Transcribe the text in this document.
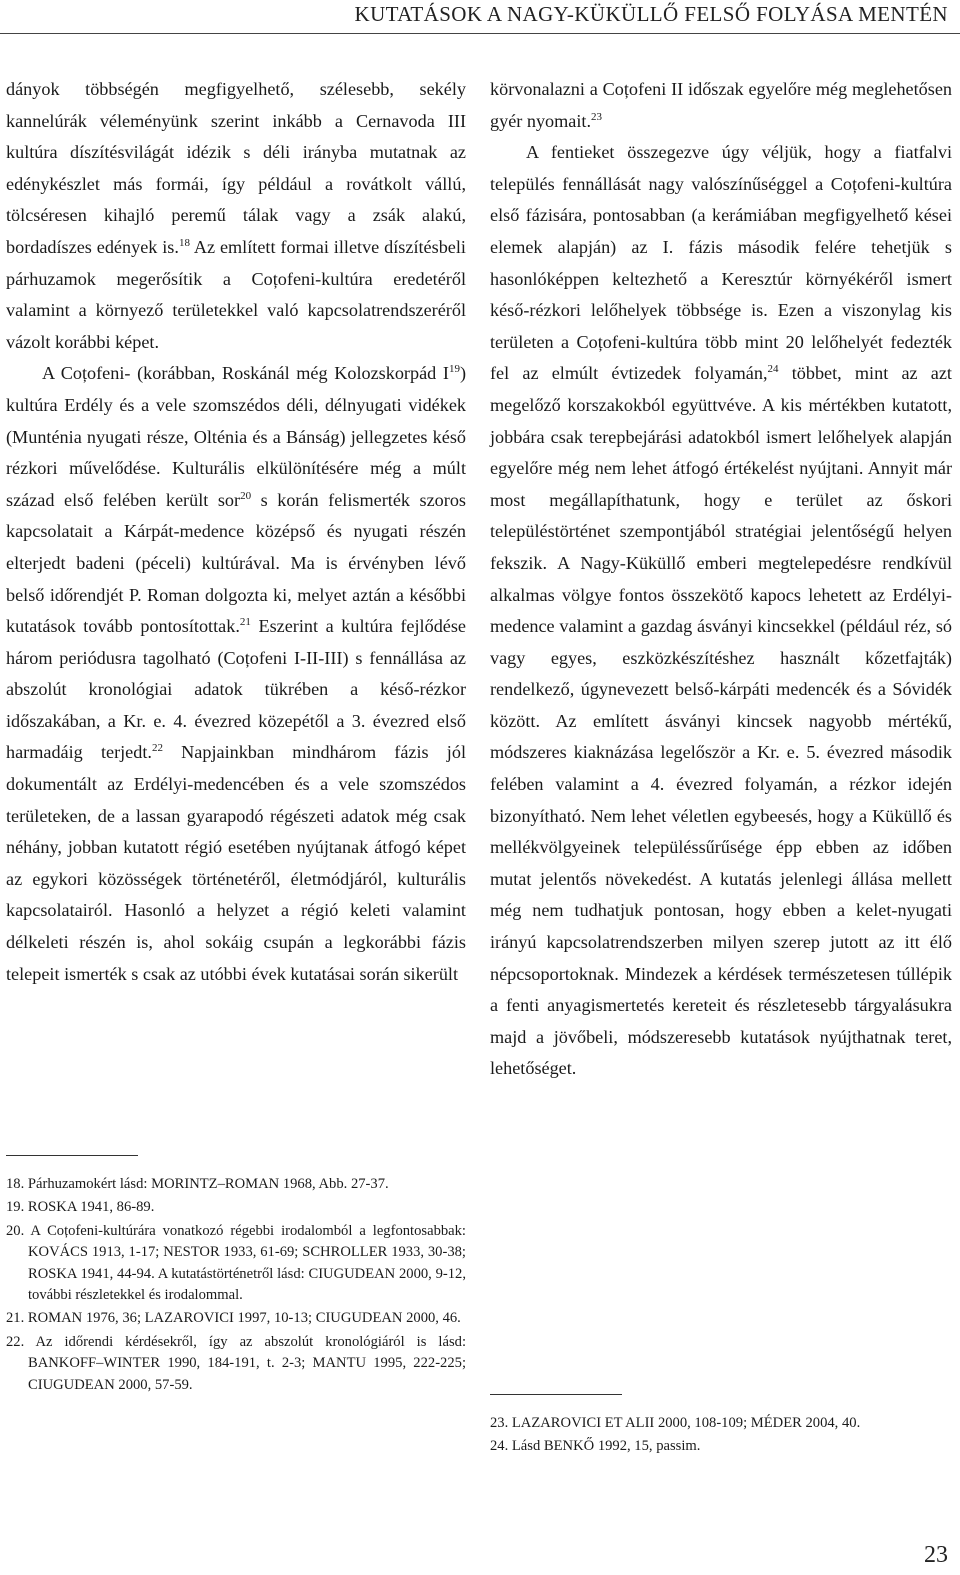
KUTATÁSOK A NAGY-KÜKÜLLŐ FELSŐ FOLYÁSA MENTÉN

dányok többségén megfigyelhető, szélesebb, sekély kannelúrák véleményünk szerint inkább a Cernavoda III kultúra díszítésvilágát idézik s déli irányba mutatnak az edénykészlet más formái, így például a rovátkolt vállú, tölcséresen kihajló peremű tálak vagy a zsák alakú, bordadíszes edények is.$^{18}$ Az említett formai illetve díszítésbeli párhuzamok megerősítik a Coțofeni-kultúra eredetéről valamint a környező területekkel való kapcsolatrendszeréről vázolt korábbi képet.

A Coțofeni- (korábban, Roskánál még Kolozskorpád $I^{19}$) kultúra Erdély és a vele szomszédos déli, délnyugati vidékek (Munténia nyugati része, Olténia és a Bánság) jellegzetes késő rézkori művelődése. Kulturális elkülönítésére még a múlt század első felében került sor$^{20}$ s korán felismerték szoros kapcsolatait a Kárpát-medence középső és nyugati részén elterjedt badeni (péceli) kultúrával. Ma is érvényben lévő belső időrendjét P. Roman dolgozta ki, melyet aztán a későbbi kutatások tovább pontosítottak.$^{21}$ Eszerint a kultúra fejlődése három periódusra tagolható (Coțofeni I-II-III) s fennállása az abszolút kronológiai adatok tükrében a késő-rézkor időszakában, a Kr. e. 4. évezred közepétől a 3. évezred első harmadáig terjedt.$^{22}$ Napjainkban mindhárom fázis jól dokumentált az Erdélyi-medencében és a vele szomszédos területeken, de a lassan gyarapodó régészeti adatok még csak néhány, jobban kutatott régió esetében nyújtanak átfogó képet az egykori közösségek történetéről, életmódjáról, kulturális kapcsolatairól. Hasonló a helyzet a régió keleti valamint délkeleti részén is, ahol sokáig csupán a legkorábbi fázis telepeit ismerték s csak az utóbbi évek kutatásai során sikerült

körvonalazni a Coțofeni II időszak egyelőre még meglehetősen gyér nyomait.$^{23}$

A fentieket összegezve úgy véljük, hogy a fiatfalvi település fennállását nagy valószínűséggel a Coțofeni-kultúra első fázisára, pontosabban (a kerámiában megfigyelhető kései elemek alapján) az I. fázis második felére tehetjük s hasonlóképpen keltezhető a Keresztúr környékéről ismert késő-rézkori lelőhelyek többsége is. Ezen a viszonylag kis területen a Coțofeni-kultúra több mint 20 lelőhelyét fedezték fel az elmúlt évtizedek folyamán,$^{24}$ többet, mint az azt megelőző korszakokból együttvéve. A kis mértékben kutatott, jobbára csak terepbejárási adatokból ismert lelőhelyek alapján egyelőre még nem lehet átfogó értékelést nyújtani. Annyit már most megállapíthatunk, hogy e terület az őskori településtörténet szempontjából stratégiai jelentőségű helyen fekszik. A Nagy-Küküllő emberi megtelepedésre rendkívül alkalmas völgye fontos összekötő kapocs lehetett az Erdélyi-medence valamint a gazdag ásványi kincsekkel (például réz, só vagy egyes, eszközkészítéshez használt kőzetfajták) rendelkező, úgynevezett belső-kárpáti medencék és a Sóvidék között. Az említett ásványi kincsek nagyobb mértékű, módszeres kiaknázása legelőször a Kr. e. 5. évezred második felében valamint a 4. évezred folyamán, a rézkor idején bizonyítható. Nem lehet véletlen egybeesés, hogy a Küküllő és mellékvölgyeinek településsűrűsége épp ebben az időben mutat jelentős növekedést. A kutatás jelenlegi állása mellett még nem tudhatjuk pontosan, hogy ebben a kelet-nyugati irányú kapcsolatrendszerben milyen szerep jutott az itt élő népcsoportoknak. Mindezek a kérdések természetesen túllépik a fenti anyagismertetés kereteit és részletesebb tárgyalásukra majd a jövőbeli, módszeresebb kutatások nyújthatnak teret, lehetőséget.

18. Párhuzamokért lásd: MORINTZ–ROMAN 1968, Abb. 27-37.

19. ROSKA 1941, 86-89.

20. A Coțofeni-kultúrára vonatkozó régebbi irodalomból a legfontosabbak: KOVÁCS 1913, 1-17; NESTOR 1933, 61-69; SCHROLLER 1933, 30-38; ROSKA 1941, 44-94. A kutatástörténetről lásd: CIUGUDEAN 2000, 9-12, további részletekkel és irodalommal.

21. ROMAN 1976, 36; LAZAROVICI 1997, 10-13; CIUGUDEAN 2000, 46.

22. Az időrendi kérdésekről, így az abszolút kronológiáról is lásd: BANKOFF–WINTER 1990, 184-191, t. 2-3; MANTU 1995, 222-225; CIUGUDEAN 2000, 57-59.

23. LAZAROVICI ET ALII 2000, 108-109; MÉDER 2004, 40.

24. Lásd BENKŐ 1992, 15, passim.

23
